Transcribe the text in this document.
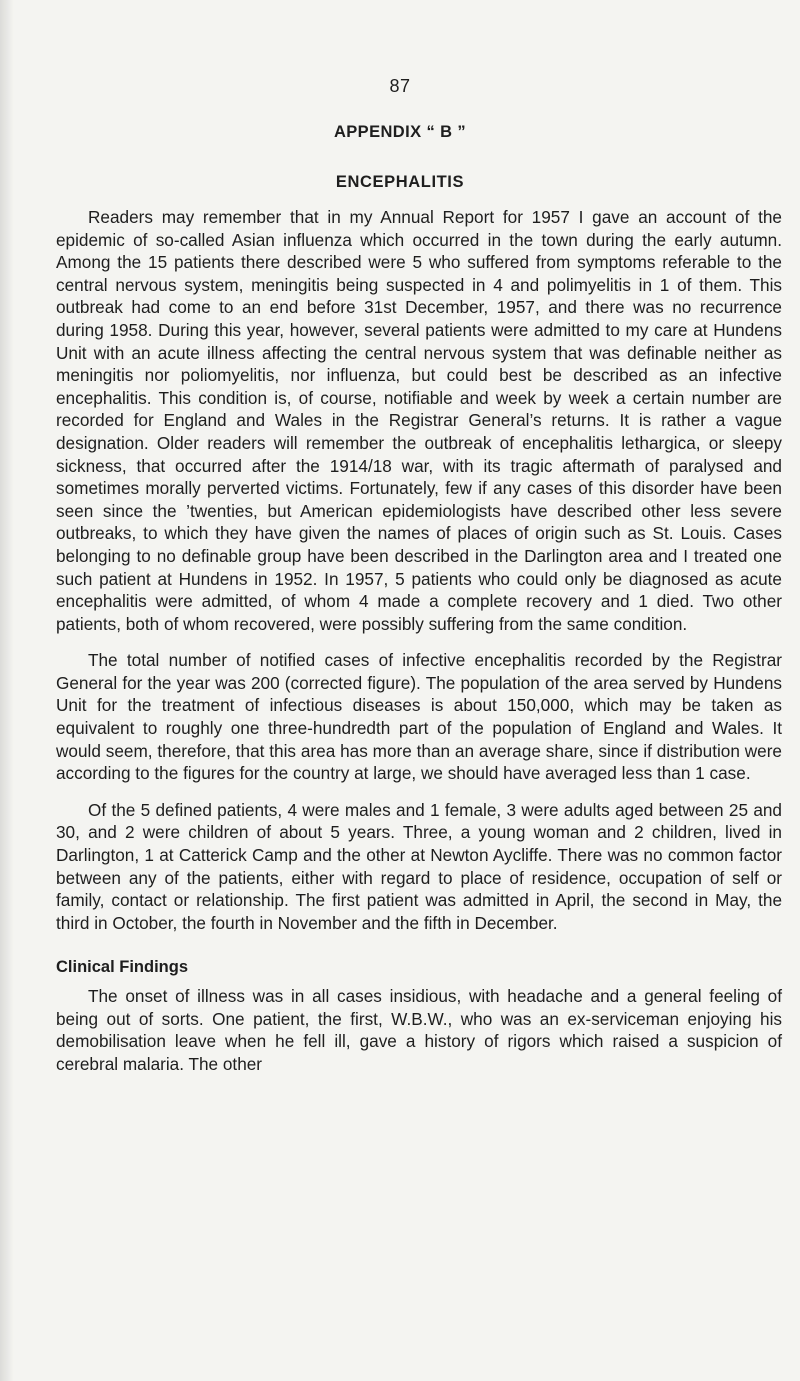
87
APPENDIX “ B ”
ENCEPHALITIS

Readers may remember that in my Annual Report for 1957 I gave an account of the epidemic of so-called Asian influenza which occurred in the town during the early autumn. Among the 15 patients there described were 5 who suffered from symptoms referable to the central nervous system, meningitis being suspected in 4 and polimyelitis in 1 of them. This outbreak had come to an end before 31st December, 1957, and there was no recurrence during 1958. During this year, however, several patients were admitted to my care at Hundens Unit with an acute illness affecting the central nervous system that was definable neither as meningitis nor poliomyelitis, nor influenza, but could best be described as an infective encephalitis. This condition is, of course, notifiable and week by week a certain number are recorded for England and Wales in the Registrar General’s returns. It is rather a vague designation. Older readers will remember the outbreak of encephalitis lethargica, or sleepy sickness, that occurred after the 1914/18 war, with its tragic aftermath of paralysed and sometimes morally perverted victims. Fortunately, few if any cases of this disorder have been seen since the ’twenties, but American epidemiologists have described other less severe outbreaks, to which they have given the names of places of origin such as St. Louis. Cases belonging to no definable group have been described in the Darlington area and I treated one such patient at Hundens in 1952. In 1957, 5 patients who could only be diagnosed as acute encephalitis were admitted, of whom 4 made a complete recovery and 1 died. Two other patients, both of whom recovered, were possibly suffering from the same condition.

The total number of notified cases of infective encephalitis recorded by the Registrar General for the year was 200 (corrected figure). The population of the area served by Hundens Unit for the treatment of infectious diseases is about 150,000, which may be taken as equivalent to roughly one three-hundredth part of the population of England and Wales. It would seem, therefore, that this area has more than an average share, since if distribution were according to the figures for the country at large, we should have averaged less than 1 case.

Of the 5 defined patients, 4 were males and 1 female, 3 were adults aged between 25 and 30, and 2 were children of about 5 years. Three, a young woman and 2 children, lived in Darlington, 1 at Catterick Camp and the other at Newton Aycliffe. There was no common factor between any of the patients, either with regard to place of residence, occupation of self or family, contact or relationship. The first patient was admitted in April, the second in May, the third in October, the fourth in November and the fifth in December.

Clinical Findings

The onset of illness was in all cases insidious, with headache and a general feeling of being out of sorts. One patient, the first, W.B.W., who was an ex-serviceman enjoying his demobilisation leave when he fell ill, gave a history of rigors which raised a suspicion of cerebral malaria. The other
